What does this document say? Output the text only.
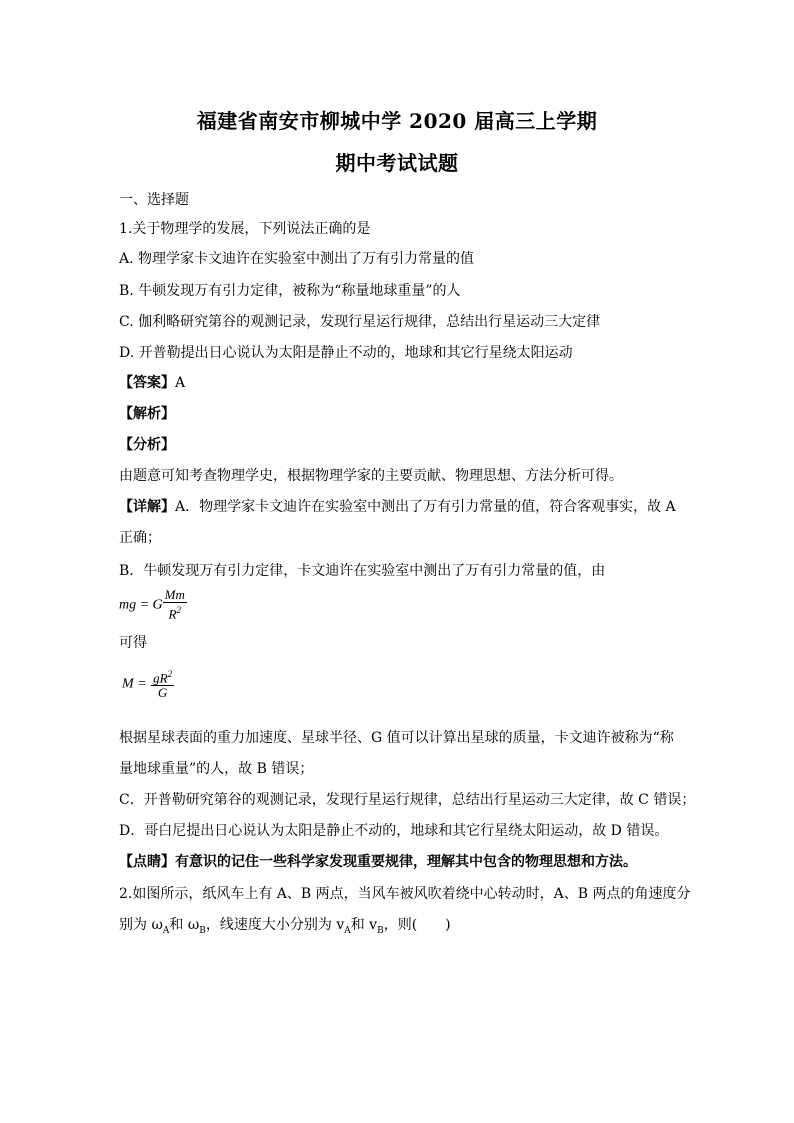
福建省南安市柳城中学 2020 届高三上学期
期中考试试题
一、选择题
1.关于物理学的发展，下列说法正确的是
A. 物理学家卡文迪许在实验室中测出了万有引力常量的值
B. 牛顿发现万有引力定律，被称为“称量地球重量”的人
C. 伽利略研究第谷的观测记录，发现行星运行规律，总结出行星运动三大定律
D. 开普勒提出日心说认为太阳是静止不动的，地球和其它行星绕太阳运动
【答案】A
【解析】
【分析】
由题意可知考查物理学史，根据物理学家的主要贡献、物理思想、方法分析可得。
【详解】A．物理学家卡文迪许在实验室中测出了万有引力常量的值，符合客观事实，故 A
正确；
B．牛顿发现万有引力定律，卡文迪许在实验室中测出了万有引力常量的值，由
mg = G $\frac{Mm}{R^2}$
可得
$M = \frac{gR^2}{G}$
根据星球表面的重力加速度、星球半径、G 值可以计算出星球的质量，卡文迪许被称为“称
量地球重量”的人，故 B 错误；
C．开普勒研究第谷的观测记录，发现行星运行规律，总结出行星运动三大定律，故 C 错误；
D．哥白尼提出日心说认为太阳是静止不动的，地球和其它行星绕太阳运动，故 D 错误。
【点睛】有意识的记住一些科学家发现重要规律，理解其中包含的物理思想和方法。
2.如图所示，纸风车上有 A、B 两点，当风车被风吹着绕中心转动时，A、B 两点的角速度分
别为 $\omega_A$和 $\omega_B$，线速度大小分别为 $v_A$和 $v_B$，则(　　)
